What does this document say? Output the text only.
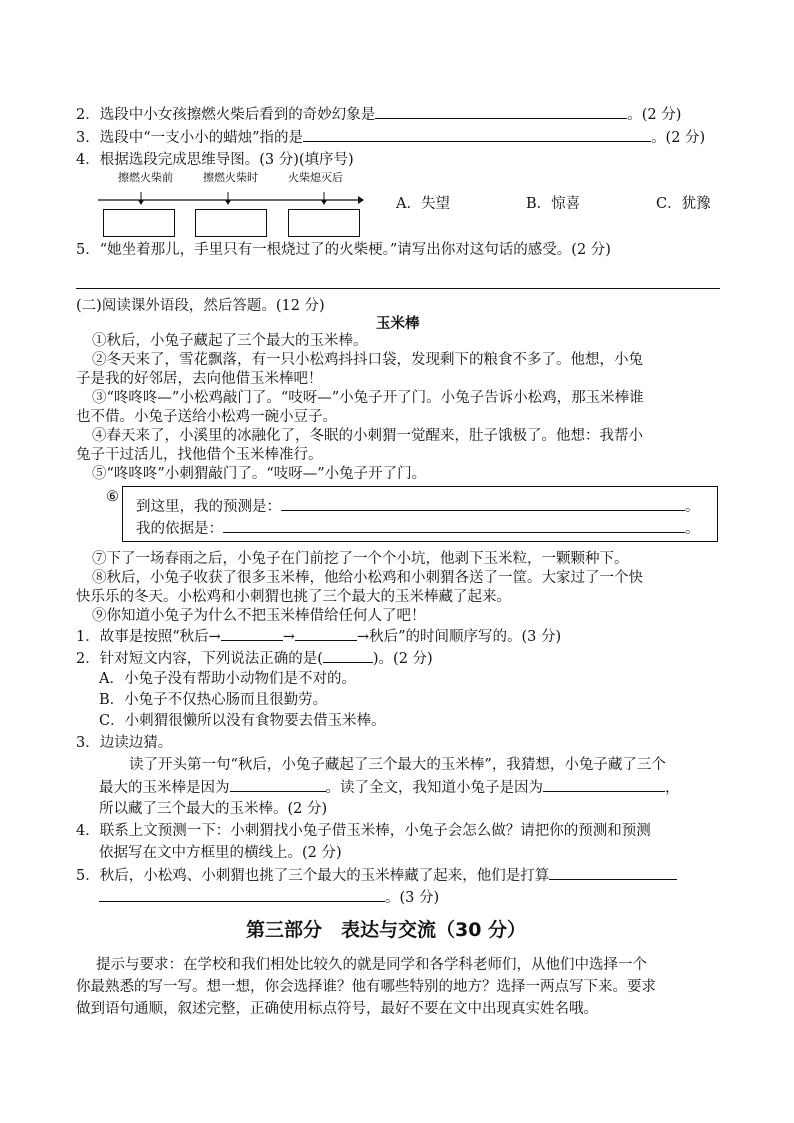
2．选段中小女孩擦燃火柴后看到的奇妙幻象是	。(2 分)
3．选段中“一支小小的蜡烛”指的是	。(2 分)
4．根据选段完成思维导图。(3 分)(填序号)
擦燃火柴前	擦燃火柴时	火柴熄灭后
A．失望	B．惊喜	C．犹豫
5．“她坐着那儿，手里只有一根烧过了的火柴梗。”请写出你对这句话的感受。(2 分)
(二)阅读课外语段，然后答题。(12 分)
玉米棒
①秋后，小兔子藏起了三个最大的玉米棒。
②冬天来了，雪花飘落，有一只小松鸡抖抖口袋，发现剩下的粮食不多了。他想，小兔
子是我的好邻居，去向他借玉米棒吧！
③“咚咚咚—”小松鸡敲门了。“吱呀—”小兔子开了门。小兔子告诉小松鸡，那玉米棒谁
也不借。小兔子送给小松鸡一碗小豆子。
④春天来了，小溪里的冰融化了，冬眠的小刺猬一觉醒来，肚子饿极了。他想：我帮小
兔子干过活儿，找他借个玉米棒准行。
⑤“咚咚咚”小刺猬敲门了。“吱呀—”小兔子开了门。
⑥
到这里，我的预测是：	。
我的依据是：	。
⑦下了一场春雨之后，小兔子在门前挖了一个个小坑，他剥下玉米粒，一颗颗种下。
⑧秋后，小兔子收获了很多玉米棒，他给小松鸡和小刺猬各送了一筐。大家过了一个快
快乐乐的冬天。小松鸡和小刺猬也挑了三个最大的玉米棒藏了起来。
⑨你知道小兔子为什么不把玉米棒借给任何人了吧！
1．故事是按照“秋后→	→	→秋后”的时间顺序写的。(3 分)
2．针对短文内容，下列说法正确的是(	)。(2 分)
A．小兔子没有帮助小动物们是不对的。
B．小兔子不仅热心肠而且很勤劳。
C．小刺猬很懒所以没有食物要去借玉米棒。
3．边读边猜。
读了开头第一句“秋后，小兔子藏起了三个最大的玉米棒”，我猜想，小兔子藏了三个
最大的玉米棒是因为	。读了全文，我知道小兔子是因为	，
所以藏了三个最大的玉米棒。(2 分)
4．联系上文预测一下：小刺猬找小兔子借玉米棒，小兔子会怎么做？请把你的预测和预测
依据写在文中方框里的横线上。(2 分)
5．秋后，小松鸡、小刺猬也挑了三个最大的玉米棒藏了起来，他们是打算
。(3 分)
第三部分　表达与交流（30 分）
提示与要求：在学校和我们相处比较久的就是同学和各学科老师们，从他们中选择一个
你最熟悉的写一写。想一想，你会选择谁？他有哪些特别的地方？选择一两点写下来。要求
做到语句通顺，叙述完整，正确使用标点符号，最好不要在文中出现真实姓名哦。
